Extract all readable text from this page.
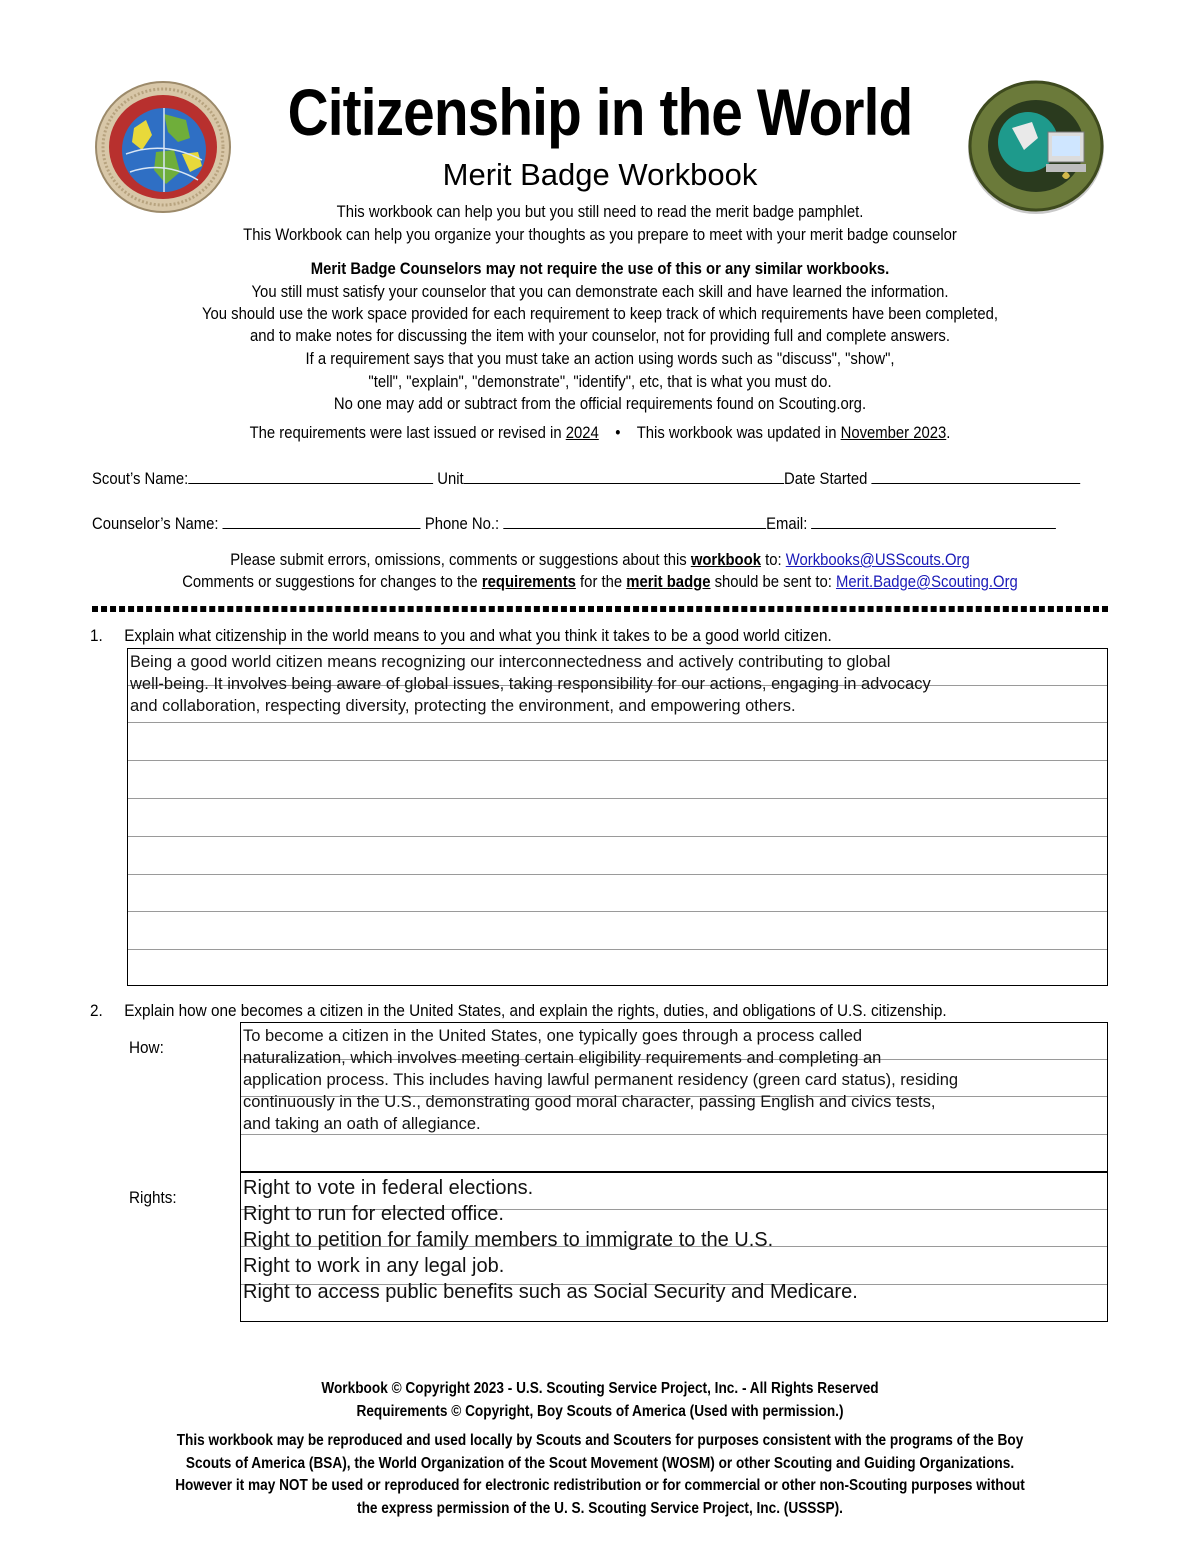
Citizenship in the World
Merit Badge Workbook
This workbook can help you but you still need to read the merit badge pamphlet.
This Workbook can help you organize your thoughts as you prepare to meet with your merit badge counselor
Merit Badge Counselors may not require the use of this or any similar workbooks.
You still must satisfy your counselor that you can demonstrate each skill and have learned the information.
You should use the work space provided for each requirement to keep track of which requirements have been completed,
and to make notes for discussing the item with your counselor, not for providing full and complete answers.
If a requirement says that you must take an action using words such as "discuss", "show",
"tell", "explain", "demonstrate", "identify", etc, that is what you must do.
No one may add or subtract from the official requirements found on Scouting.org.
The requirements were last issued or revised in 2024 • This workbook was updated in November 2023.
Scout’s Name:	Unit	Date Started
Counselor’s Name:	Phone No.:	Email:
Please submit errors, omissions, comments or suggestions about this workbook to: Workbooks@USScouts.Org
Comments or suggestions for changes to the requirements for the merit badge should be sent to: Merit.Badge@Scouting.Org
1. Explain what citizenship in the world means to you and what you think it takes to be a good world citizen.
Being a good world citizen means recognizing our interconnectedness and actively contributing to global
well-being. It involves being aware of global issues, taking responsibility for our actions, engaging in advocacy
and collaboration, respecting diversity, protecting the environment, and empowering others.
2. Explain how one becomes a citizen in the United States, and explain the rights, duties, and obligations of U.S. citizenship.
How:
To become a citizen in the United States, one typically goes through a process called
naturalization, which involves meeting certain eligibility requirements and completing an
application process. This includes having lawful permanent residency (green card status), residing
continuously in the U.S., demonstrating good moral character, passing English and civics tests,
and taking an oath of allegiance.
Rights:	Right to vote in federal elections.
Right to run for elected office.
Right to petition for family members to immigrate to the U.S.
Right to work in any legal job.
Right to access public benefits such as Social Security and Medicare.
Workbook © Copyright 2023 - U.S. Scouting Service Project, Inc. - All Rights Reserved
Requirements © Copyright, Boy Scouts of America (Used with permission.)
This workbook may be reproduced and used locally by Scouts and Scouters for purposes consistent with the programs of the Boy
Scouts of America (BSA), the World Organization of the Scout Movement (WOSM) or other Scouting and Guiding Organizations.
However it may NOT be used or reproduced for electronic redistribution or for commercial or other non-Scouting purposes without
the express permission of the U. S. Scouting Service Project, Inc. (USSSP).
